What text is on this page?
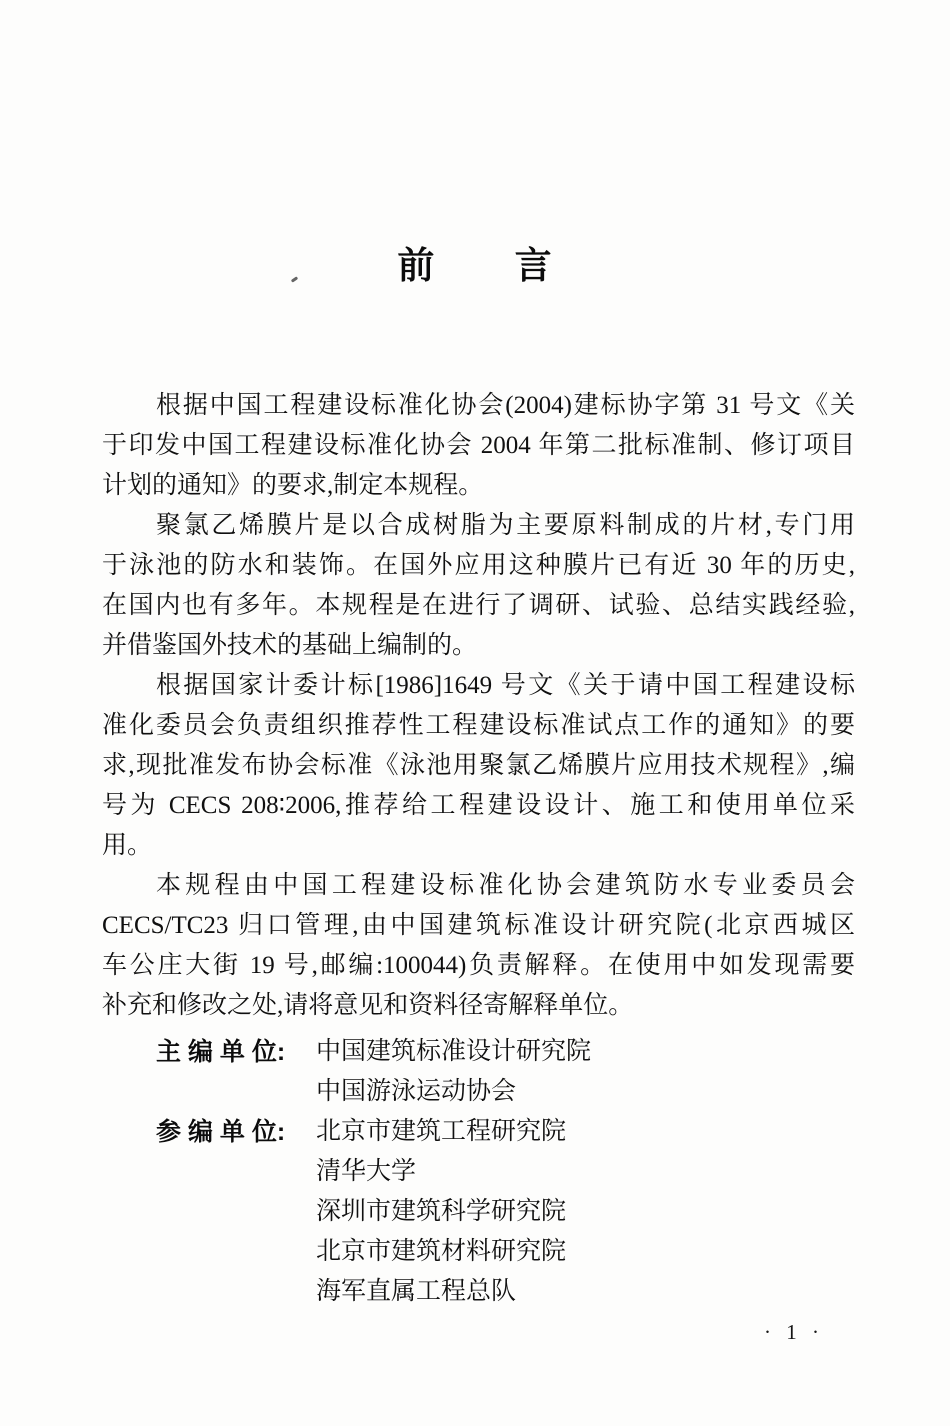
前 言
根据中国工程建设标准化协会(2004)建标协字第 31 号文《关
于印发中国工程建设标准化协会 2004 年第二批标准制、修订项目
计划的通知》的要求,制定本规程。
聚氯乙烯膜片是以合成树脂为主要原料制成的片材,专门用
于泳池的防水和装饰。在国外应用这种膜片已有近 30 年的历史,
在国内也有多年。本规程是在进行了调研、试验、总结实践经验,
并借鉴国外技术的基础上编制的。
根据国家计委计标[1986]1649 号文《关于请中国工程建设标
准化委员会负责组织推荐性工程建设标准试点工作的通知》的要
求,现批准发布协会标准《泳池用聚氯乙烯膜片应用技术规程》,编
号为 CECS 208∶2006,推荐给工程建设设计、施工和使用单位采
用。
本规程由中国工程建设标准化协会建筑防水专业委员会
CECS/TC23 归口管理,由中国建筑标准设计研究院(北京西城区
车公庄大街 19 号,邮编:100044)负责解释。在使用中如发现需要
补充和修改之处,请将意见和资料径寄解释单位。
主 编 单 位: 中国建筑标准设计研究院
中国游泳运动协会
参 编 单 位: 北京市建筑工程研究院
清华大学
深圳市建筑科学研究院
北京市建筑材料研究院
海军直属工程总队
· 1 ·
